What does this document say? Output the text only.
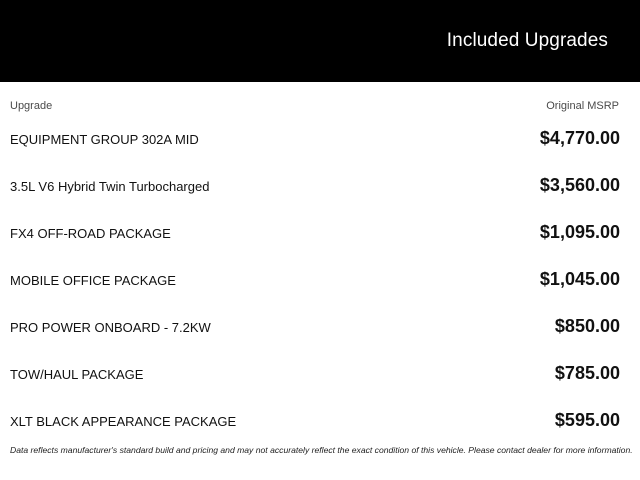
Included Upgrades
Upgrade	Original MSRP
EQUIPMENT GROUP 302A MID	$4,770.00
3.5L V6 Hybrid Twin Turbocharged	$3,560.00
FX4 OFF-ROAD PACKAGE	$1,095.00
MOBILE OFFICE PACKAGE	$1,045.00
PRO POWER ONBOARD - 7.2KW	$850.00
TOW/HAUL PACKAGE	$785.00
XLT BLACK APPEARANCE PACKAGE	$595.00
Data reflects manufacturer's standard build and pricing and may not accurately reflect the exact condition of this vehicle. Please contact dealer for more information.
